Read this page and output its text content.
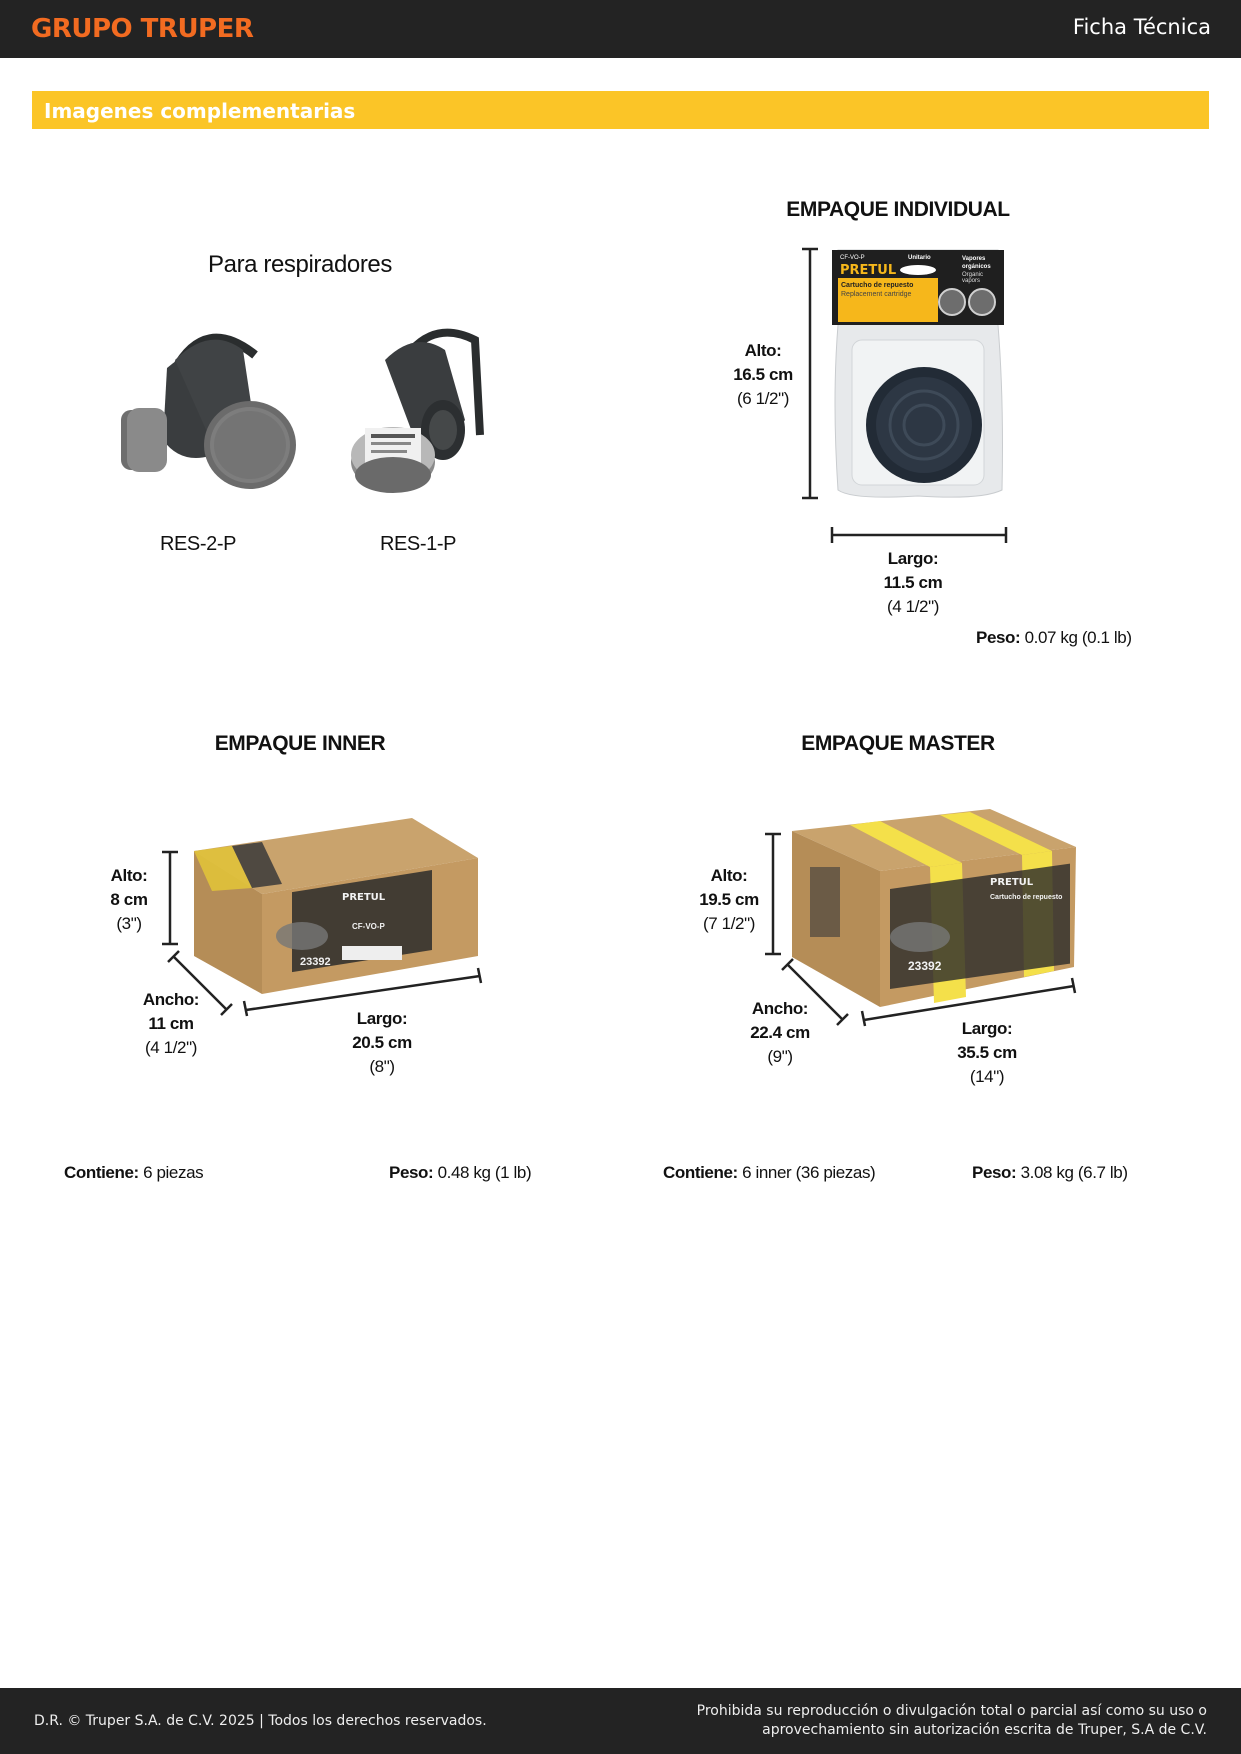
GRUPO TRUPER	Ficha Técnica
Imagenes complementarias
Para respiradores
RES-2-P	RES-1-P
EMPAQUE INDIVIDUAL
CF-VO-P	Unitario
PRETUL
Vapores orgánicos
Organic vapors
Cartucho de repuesto
Replacement cartridge
Alto:
16.5 cm
(6 1/2")
Largo:
11.5 cm
(4 1/2")
Peso: 0.07 kg (0.1 lb)
EMPAQUE INNER
PRETUL
CF-VO-P
23392
Alto:
8 cm
(3")
Ancho:
11 cm
(4 1/2")
Largo:
20.5 cm
(8")
Contiene: 6 piezas	Peso: 0.48 kg (1 lb)
EMPAQUE MASTER
PRETUL
Cartucho de repuesto
23392
Alto:
19.5 cm
(7 1/2")
Ancho:
22.4 cm
(9")
Largo:
35.5 cm
(14")
Contiene: 6 inner (36 piezas)	Peso: 3.08 kg (6.7 lb)
D.R. © Truper S.A. de C.V. 2025 | Todos los derechos reservados.
Prohibida su reproducción o divulgación total o parcial así como su uso o
aprovechamiento sin autorización escrita de Truper, S.A de C.V.
